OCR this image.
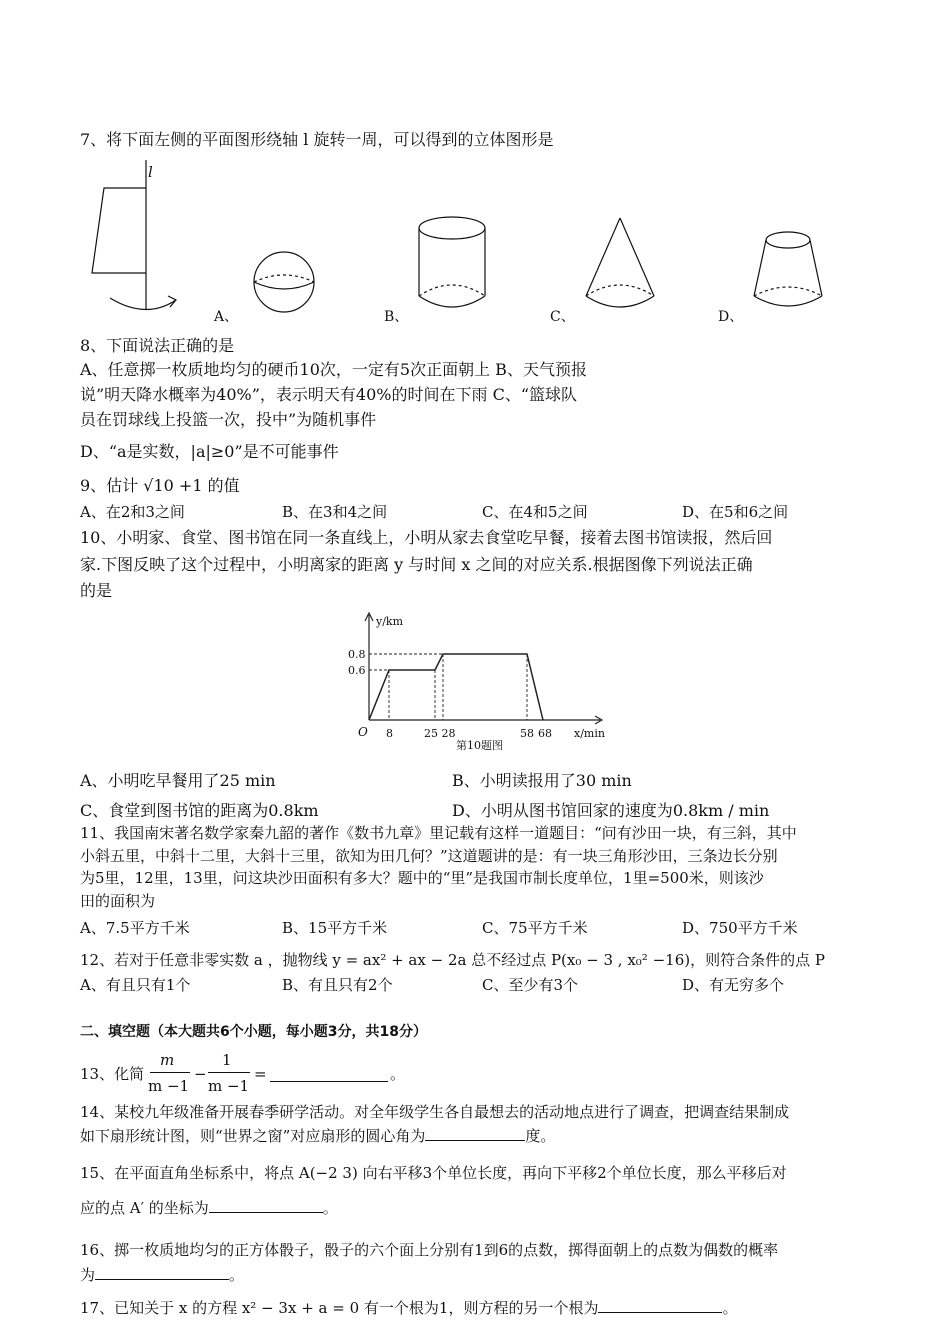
7、将下面左侧的平面图形绕轴 l 旋转一周，可以得到的立体图形是
l
A、	B、	C、	D、
8、下面说法正确的是
A、任意掷一枚质地均匀的硬币10次，一定有5次正面朝上 B、天气预报
说”明天降水概率为40%”，表示明天有40%的时间在下雨 C、“篮球队
员在罚球线上投篮一次，投中”为随机事件
D、“a是实数，|a|≥0”是不可能事件
9、估计 √10 +1 的值
A、在2和3之间	B、在3和4之间	C、在4和5之间	D、在5和6之间
10、小明家、食堂、图书馆在同一条直线上，小明从家去食堂吃早餐，接着去图书馆读报，然后回
家.下图反映了这个过程中，小明离家的距离 y 与时间 x 之间的对应关系.根据图像下列说法正确
的是
y/km
0.8
0.6
O 8	25 28	58 68 x/min
第10题图
A、小明吃早餐用了25 min	B、小明读报用了30 min
C、食堂到图书馆的距离为0.8km	D、小明从图书馆回家的速度为0.8km / min
11、我国南宋著名数学家秦九韶的著作《数书九章》里记载有这样一道题目：“问有沙田一块，有三斜，其中
小斜五里，中斜十二里，大斜十三里，欲知为田几何？”这道题讲的是：有一块三角形沙田，三条边长分别
为5里，12里，13里，问这块沙田面积有多大？题中的“里”是我国市制长度单位，1里=500米，则该沙
田的面积为
A、7.5平方千米	B、15平方千米	C、75平方千米	D、750平方千米
12、若对于任意非零实数 a ，抛物线 y = ax² + ax − 2a 总不经过点 P(x₀ − 3 , x₀² −16)，则符合条件的点 P
A、有且只有1个	B、有且只有2个	C、至少有3个	D、有无穷多个
二、填空题（本大题共6个小题，每小题3分，共18分）
13、化简
m
m −1
−
1
m −1
=	。
14、某校九年级准备开展春季研学活动。对全年级学生各自最想去的活动地点进行了调查，把调查结果制成
如下扇形统计图，则“世界之窗”对应扇形的圆心角为	度。
15、在平面直角坐标系中，将点 A(−2 3) 向右平移3个单位长度，再向下平移2个单位长度，那么平移后对
应的点 A′ 的坐标为	。
16、掷一枚质地均匀的正方体骰子，骰子的六个面上分别有1到6的点数，掷得面朝上的点数为偶数的概率
为	。
17、已知关于 x 的方程 x² − 3x + a = 0 有一个根为1，则方程的另一个根为	。
